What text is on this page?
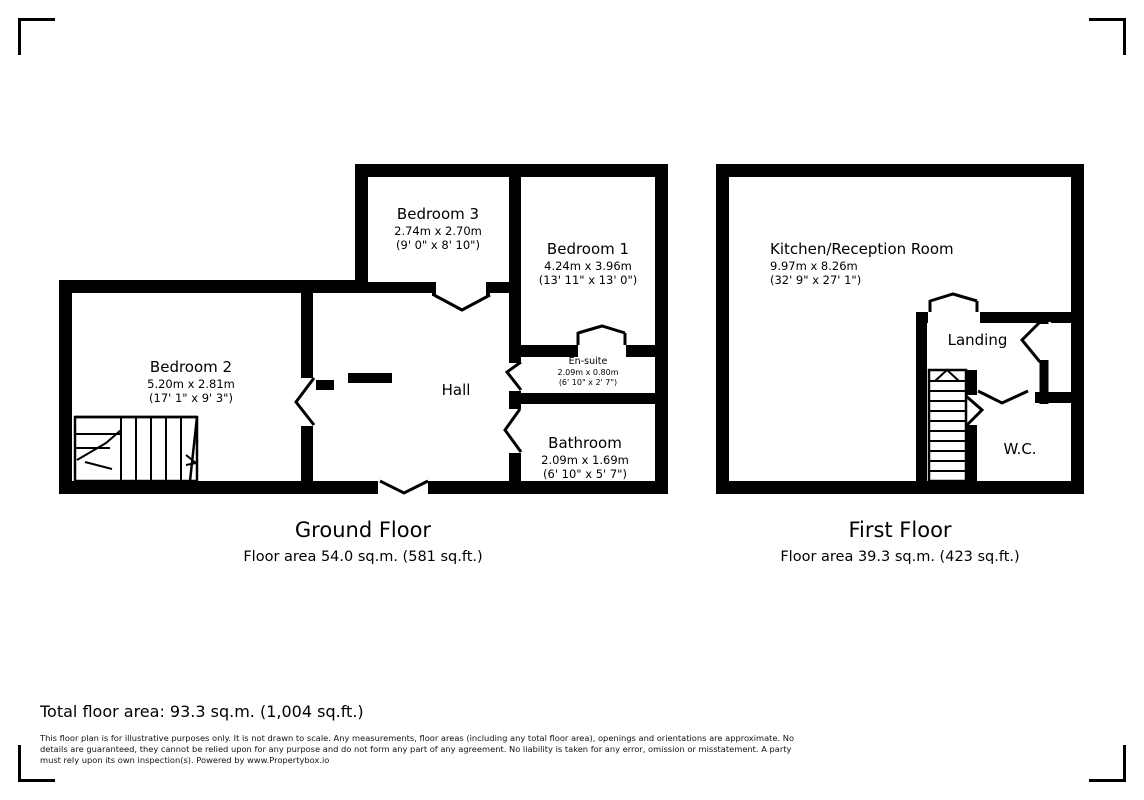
Bedroom 3
2.74m x 2.70m
(9' 0" x 8' 10")	Bedroom 1
4.24m x 3.96m
(13' 11" x 13' 0")
Bedroom 2
5.20m x 2.81m
(17' 1" x 9' 3")
En-suite
2.09m x 0.80m
(6' 10" x 2' 7")
Bathroom
2.09m x 1.69m
(6' 10" x 5' 7")
Hall
Ground Floor
Floor area 54.0 sq.m. (581 sq.ft.)
Kitchen/Reception Room
9.97m x 8.26m
(32' 9" x 27' 1")
Landing
W.C.
First Floor
Floor area 39.3 sq.m. (423 sq.ft.)
Total floor area: 93.3 sq.m. (1,004 sq.ft.)
This floor plan is for illustrative purposes only. It is not drawn to scale. Any measurements, floor areas (including any total floor area), openings and orientations are approximate. No details are guaranteed, they cannot be relied upon for any purpose and do not form any part of any agreement. No liability is taken for any error, omission or misstatement. A party must rely upon its own inspection(s). Powered by www.Propertybox.io
